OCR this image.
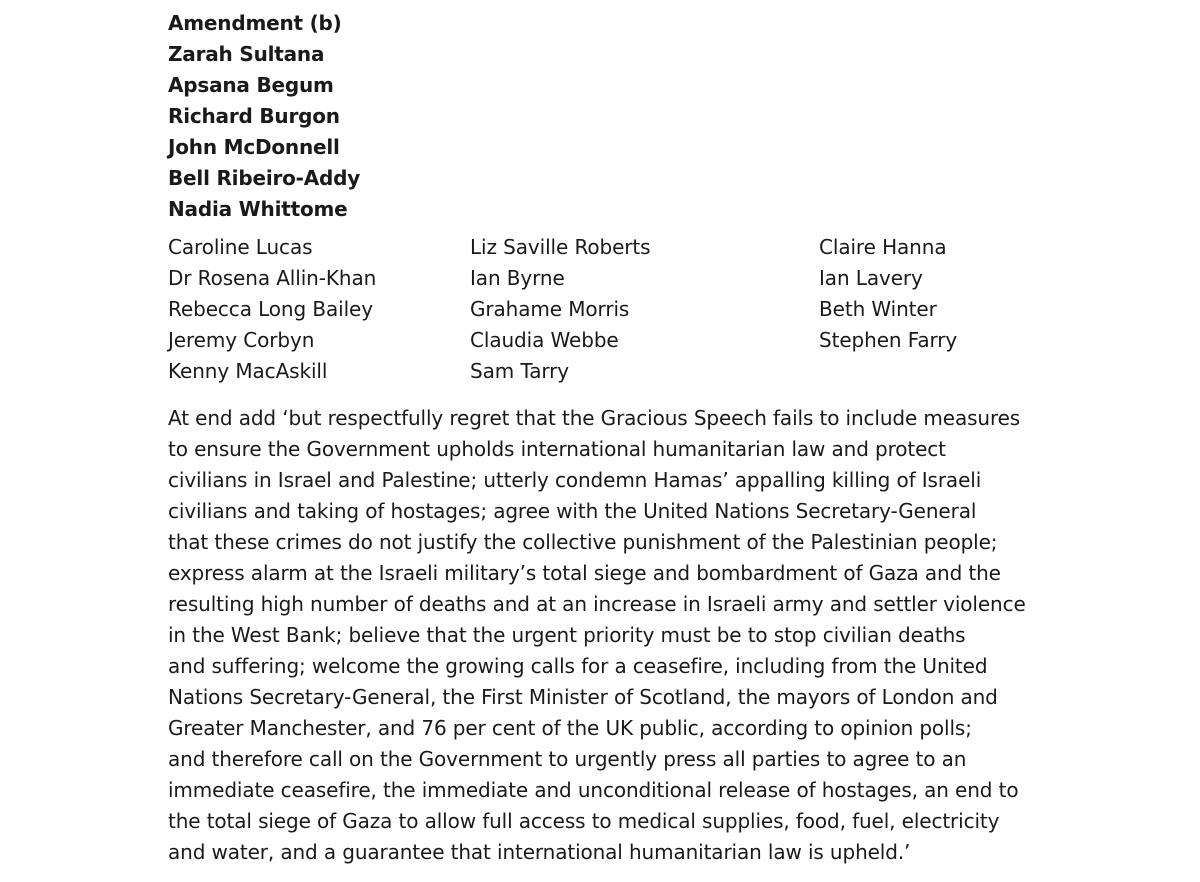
Amendment (b)
Zarah Sultana
Apsana Begum
Richard Burgon
John McDonnell
Bell Ribeiro-Addy
Nadia Whittome
Caroline Lucas
Dr Rosena Allin-Khan
Rebecca Long Bailey
Jeremy Corbyn
Kenny MacAskill
Liz Saville Roberts
Ian Byrne
Grahame Morris
Claudia Webbe
Sam Tarry
Claire Hanna
Ian Lavery
Beth Winter
Stephen Farry
At end add ‘but respectfully regret that the Gracious Speech fails to include measures
to ensure the Government upholds international humanitarian law and protect
civilians in Israel and Palestine; utterly condemn Hamas’ appalling killing of Israeli
civilians and taking of hostages; agree with the United Nations Secretary-General
that these crimes do not justify the collective punishment of the Palestinian people;
express alarm at the Israeli military’s total siege and bombardment of Gaza and the
resulting high number of deaths and at an increase in Israeli army and settler violence
in the West Bank; believe that the urgent priority must be to stop civilian deaths
and suffering; welcome the growing calls for a ceasefire, including from the United
Nations Secretary-General, the First Minister of Scotland, the mayors of London and
Greater Manchester, and 76 per cent of the UK public, according to opinion polls;
and therefore call on the Government to urgently press all parties to agree to an
immediate ceasefire, the immediate and unconditional release of hostages, an end to
the total siege of Gaza to allow full access to medical supplies, food, fuel, electricity
and water, and a guarantee that international humanitarian law is upheld.’
